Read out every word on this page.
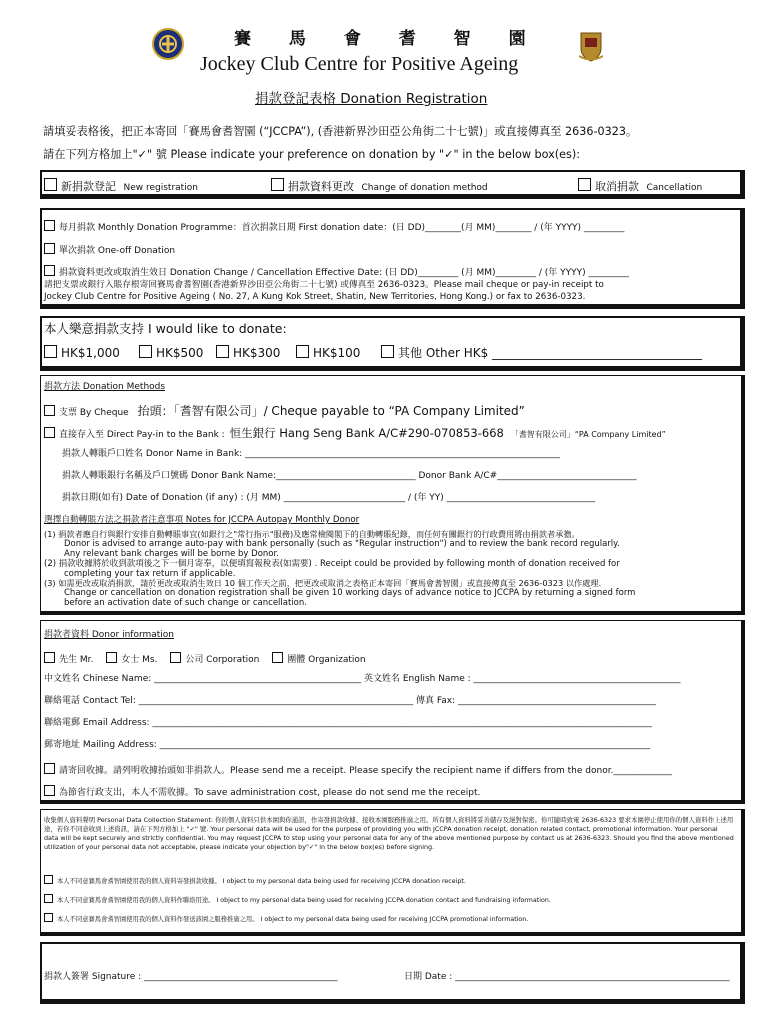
賽 馬 會 耆 智 園
Jockey Club Centre for Positive Ageing
捐款登記表格 Donation Registration
請填妥表格後，把正本寄回「賽馬會耆智園 (“JCCPA”), (香港新界沙田亞公角街二十七號)」或直接傳真至 2636-0323。
請在下列方格加上"✓" 號 Please indicate your preference on donation by "✓" in the below box(es):
新捐款登記 New registration	捐款資料更改 Change of donation method	取消捐款 Cancellation
每月捐款 Monthly Donation Programme：首次捐款日期 First donation date：(日 DD)________(月 MM)________ / (年 YYYY) _________
單次捐款 One-off Donation
捐款資料更改或取消生效日 Donation Change / Cancellation Effective Date: (日 DD)_________ (月 MM)_________ / (年 YYYY) _________
請把支票或銀行入賬存根寄回賽馬會耆智園(香港新界沙田亞公角街二十七號) 或傳真至 2636-0323。Please mail cheque or pay-in receipt to
Jockey Club Centre for Positive Ageing ( No. 27, A Kung Kok Street, Shatin, New Territories, Hong Kong.) or fax to 2636-0323.
本人樂意捐款支持 I would like to donate:
HK$1,000	HK$500	HK$300	HK$100	其他 Other HK$ ___________________________________
捐款方法 Donation Methods
支票 By Cheque 抬頭：「耆智有限公司」/ Cheque payable to “PA Company Limited”
直接存入至 Direct Pay-in to the Bank : 恒生銀行 Hang Seng Bank A/C#290-070853-668 「耆智有限公司」“PA Company Limited”
捐款人轉賬戶口姓名 Donor Name in Bank: ______________________________________________________________________
捐款人轉賬銀行名稱及戶口號碼 Donor Bank Name:_______________________________ Donor Bank A/C#_______________________________
捐款日期(如有) Date of Donation (if any) : (月 MM) ___________________________ / (年 YY) _________________________________
選擇自動轉賬方法之捐款者注意事項 Notes for JCCPA Autopay Monthly Donor
(1) 捐款者應自行與銀行安排自動轉賬事宜(如銀行之"常行指示"服務)及應常檢閱閣下的自動轉賬紀錄，而任何有關銀行的行政費用將由捐款者承擔。
Donor is advised to arrange auto-pay with bank personally (such as "Regular instruction") and to review the bank record regularly.
Any relevant bank charges will be borne by Donor.
(2) 捐款收據將於收到款項後之下一個月寄奉，以便填寫報稅表(如需要) . Receipt could be provided by following month of donation received for
completing your tax return if applicable.
(3) 如需更改或取消捐款，請於更改或取消生效日 10 個工作天之前，把更改或取消之表格正本寄回「賽馬會耆智園」或直接傳真至 2636-0323 以作處理.
Change or cancellation on donation registration shall be given 10 working days of advance notice to JCCPA by returning a signed form
before an activation date of such change or cancellation.
捐款者資料 Donor information
先生 Mr.	女士 Ms.	公司 Corporation	團體 Organization
中文姓名 Chinese Name: ______________________________________________ 英文姓名 English Name : ______________________________________________
聯絡電話 Contact Tel: _____________________________________________________________ 傳真 Fax: ____________________________________________
聯絡電郵 Email Address: _______________________________________________________________________________________________________________
郵寄地址 Mailing Address: _____________________________________________________________________________________________________________
請寄回收據。請列明收據抬頭如非捐款人。Please send me a receipt. Please specify the recipient name if differs from the donor._____________
為節省行政支出，本人不需收據。To save administration cost, please do not send me the receipt.
收集個人資料聲明 Personal Data Collection Statement: 你的個人資料只供本園與你通訊，作寄發捐款收據、接收本園服務推廣之用。所有個人資料將妥善儲存及絕對保密。你可隨時致電 2636-6323 要求本園停止使用你的個人資料作上述用途，若你不同意收到上述資訊，請在下列方格加上 "✓" 號. Your personal data will be used for the purpose of providing you with JCCPA donation receipt, donation related contact, promotional information. Your personal data will be kept securely and strictly confidential. You may request JCCPA to stop using your personal data for any of the above mentioned purpose by contact us at 2636-6323. Should you find the above mentioned utilization of your personal data not acceptable, please indicate your objection by"✓" in the below box(es) before signing.
本人不同意賽馬會耆智園使用我的個人資料寄發捐款收據。 I object to my personal data being used for receiving JCCPA donation receipt.
本人不同意賽馬會耆智園使用我的個人資料作聯絡用途。 I object to my personal data being used for receiving JCCPA donation contact and fundraising information.
本人不同意賽馬會耆智園使用我的個人資料作發送該園之服務推廣之用。 I object to my personal data being used for receiving JCCPA promotional information.
捐款人簽署 Signature : ___________________________________________	日期 Date : _____________________________________________________________
